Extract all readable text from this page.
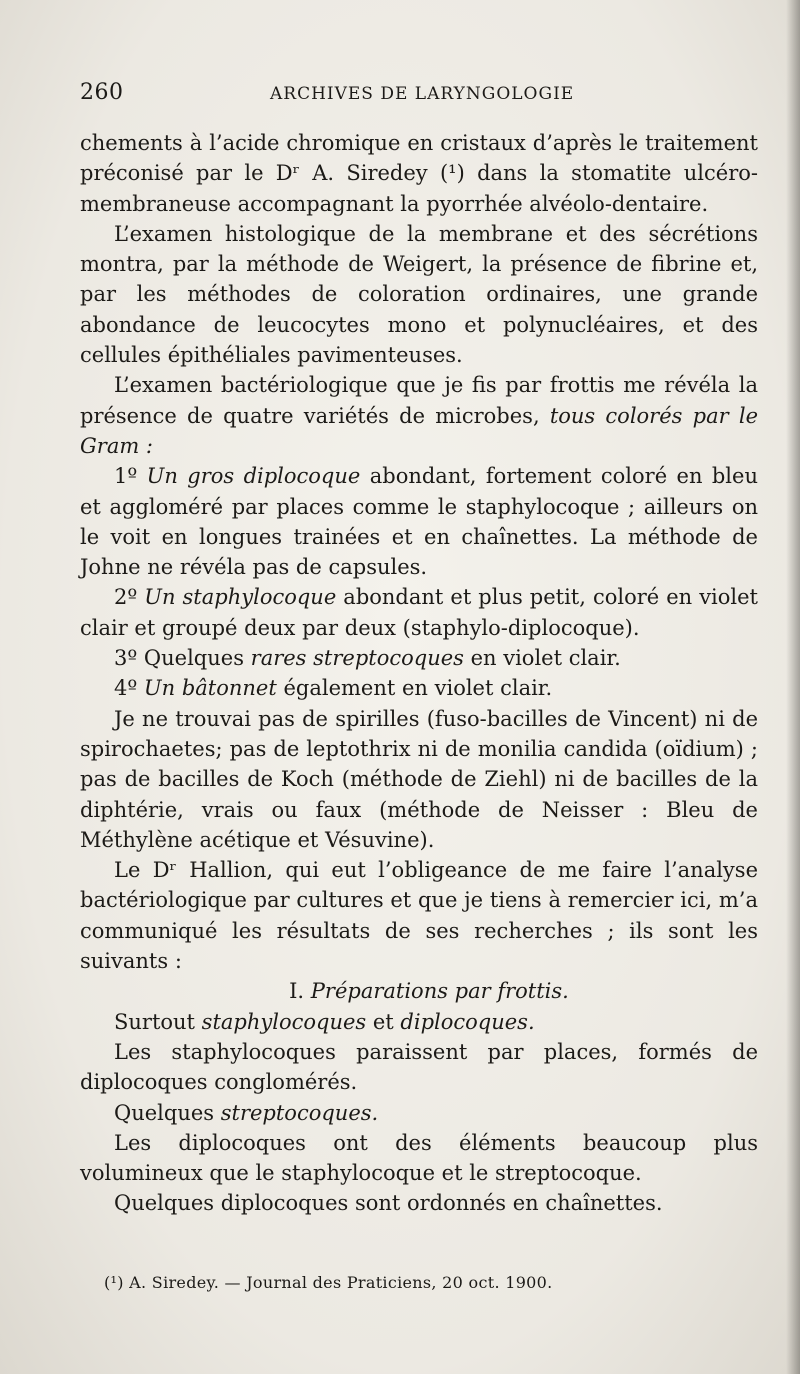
260	ARCHIVES DE LARYNGOLOGIE

chements à l’acide chromique en cristaux d’après le traitement préconisé par le Dʳ A. Siredey (¹) dans la stomatite ulcéro-membraneuse accompagnant la pyorrhée alvéolo-dentaire.

L’examen histologique de la membrane et des sécrétions montra, par la méthode de Weigert, la présence de fibrine et, par les méthodes de coloration ordinaires, une grande abondance de leucocytes mono et polynucléaires, et des cellules épithéliales pavimenteuses.

L’examen bactériologique que je fis par frottis me révéla la présence de quatre variétés de microbes, tous colorés par le Gram :

1º Un gros diplocoque abondant, fortement coloré en bleu et aggloméré par places comme le staphylocoque ; ailleurs on le voit en longues trainées et en chaînettes. La méthode de Johne ne révéla pas de capsules.

2º Un staphylocoque abondant et plus petit, coloré en violet clair et groupé deux par deux (staphylo-diplocoque).

3º Quelques rares streptocoques en violet clair.

4º Un bâtonnet également en violet clair.

Je ne trouvai pas de spirilles (fuso-bacilles de Vincent) ni de spirochaetes; pas de leptothrix ni de monilia candida (oïdium) ; pas de bacilles de Koch (méthode de Ziehl) ni de bacilles de la diphtérie, vrais ou faux (méthode de Neisser : Bleu de Méthylène acétique et Vésuvine).

Le Dʳ Hallion, qui eut l’obligeance de me faire l’analyse bactériologique par cultures et que je tiens à remercier ici, m’a communiqué les résultats de ses recherches ; ils sont les suivants :

I. Préparations par frottis.

Surtout staphylocoques et diplocoques.

Les staphylocoques paraissent par places, formés de diplocoques conglomérés.

Quelques streptocoques.

Les diplocoques ont des éléments beaucoup plus volumineux que le staphylocoque et le streptocoque.

Quelques diplocoques sont ordonnés en chaînettes.

(¹) A. Siredey. — Journal des Praticiens, 20 oct. 1900.
